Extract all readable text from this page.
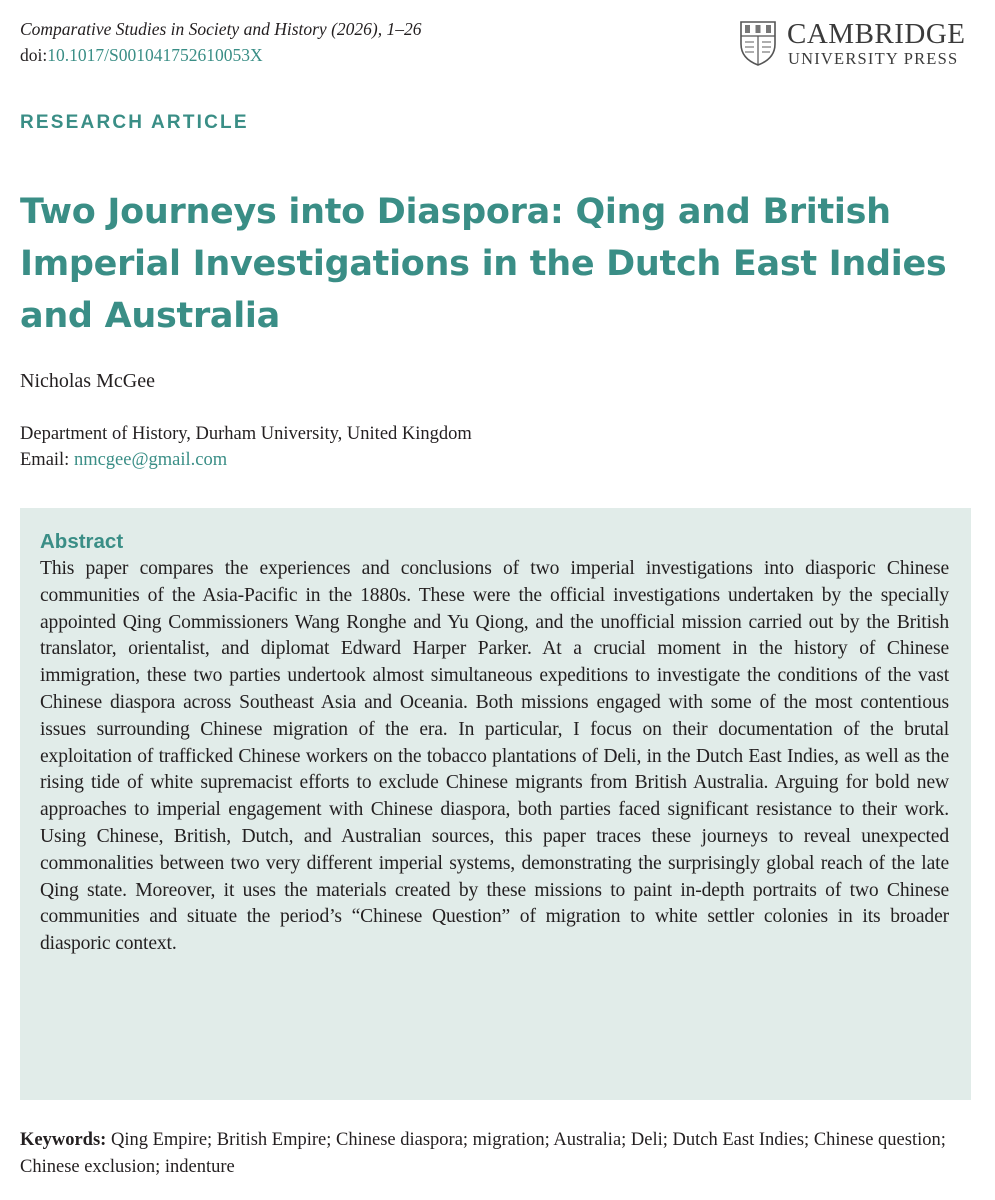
Comparative Studies in Society and History (2026), 1–26
doi:10.1017/S001041752610053X
CAMBRIDGE
UNIVERSITY PRESS
RESEARCH ARTICLE
Two Journeys into Diaspora: Qing and British Imperial Investigations in the Dutch East Indies and Australia
Nicholas McGee
Department of History, Durham University, United Kingdom
Email: nmcgee@gmail.com
Abstract

This paper compares the experiences and conclusions of two imperial investigations into diasporic Chinese communities of the Asia-Pacific in the 1880s. These were the official investigations undertaken by the specially appointed Qing Commissioners Wang Ronghe and Yu Qiong, and the unofficial mission carried out by the British translator, orientalist, and diplomat Edward Harper Parker. At a crucial moment in the history of Chinese immigration, these two parties undertook almost simultaneous expeditions to investigate the conditions of the vast Chinese diaspora across Southeast Asia and Oceania. Both missions engaged with some of the most contentious issues surrounding Chinese migration of the era. In particular, I focus on their documentation of the brutal exploitation of trafficked Chinese workers on the tobacco plantations of Deli, in the Dutch East Indies, as well as the rising tide of white supremacist efforts to exclude Chinese migrants from British Australia. Arguing for bold new approaches to imperial engagement with Chinese diaspora, both parties faced significant resistance to their work. Using Chinese, British, Dutch, and Australian sources, this paper traces these journeys to reveal unexpected commonalities between two very different imperial systems, demonstrating the surprisingly global reach of the late Qing state. Moreover, it uses the materials created by these missions to paint in-depth portraits of two Chinese communities and situate the period’s “Chinese Question” of migration to white settler colonies in its broader diasporic context.

Keywords: Qing Empire; British Empire; Chinese diaspora; migration; Australia; Deli; Dutch East Indies; Chinese question; Chinese exclusion; indenture
